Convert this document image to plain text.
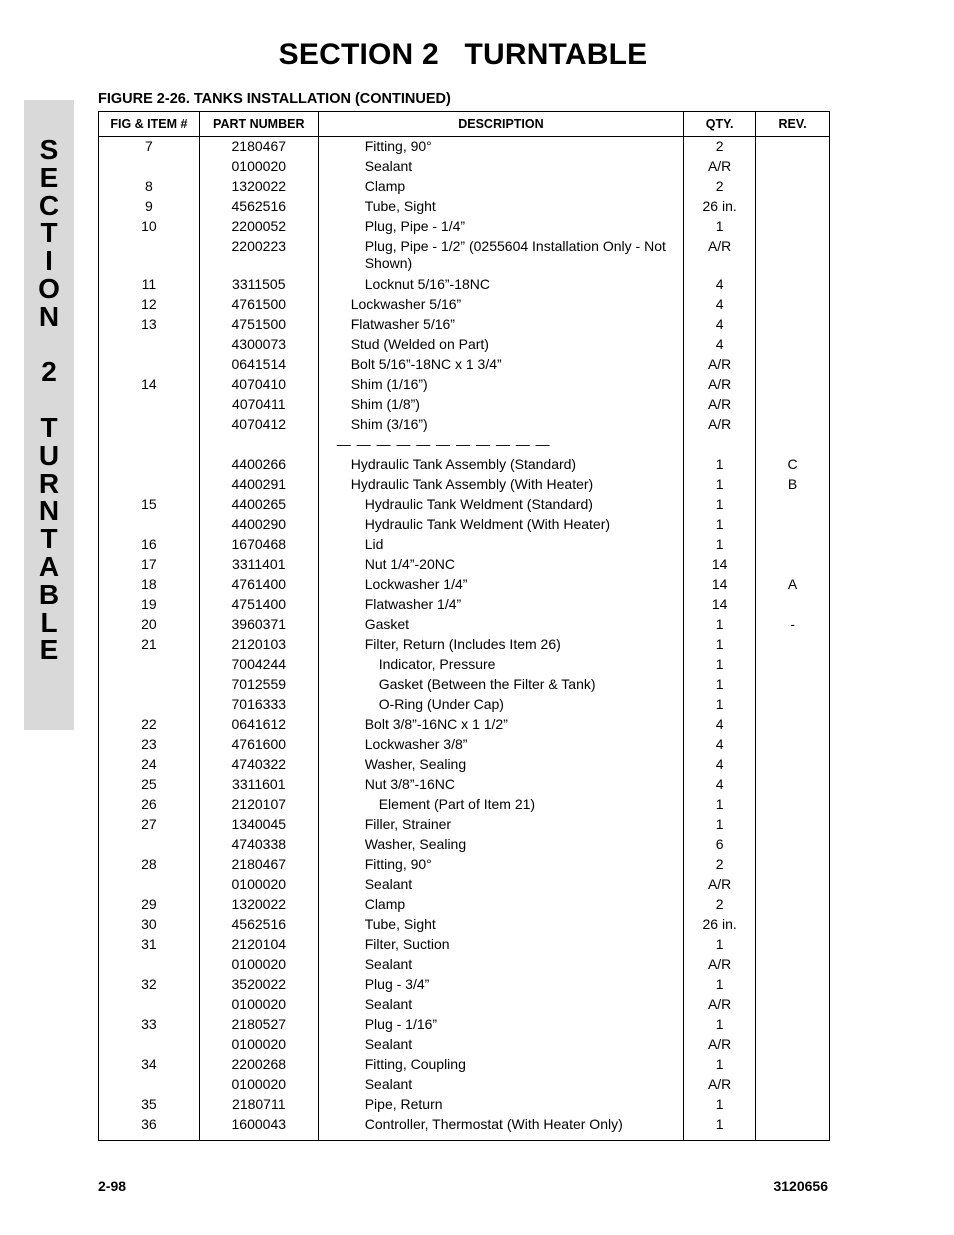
SECTION 2   TURNTABLE
S
E
C
T
I
O
N
2
T
U
R
N
T
A
B
L
E
FIGURE 2-26. TANKS INSTALLATION (CONTINUED)
FIG & ITEM #	PART NUMBER	DESCRIPTION	QTY.	REV.
7	2180467	Fitting, 90°	2	
	0100020	Sealant	A/R	
8	1320022	Clamp	2	
9	4562516	Tube, Sight	26 in.	
10	2200052	Plug, Pipe - 1/4”	1	
	2200223	Plug, Pipe - 1/2” (0255604 Installation Only - Not Shown)	A/R	
11	3311505	Locknut 5/16”-18NC	4	
12	4761500	Lockwasher 5/16”	4	
13	4751500	Flatwasher 5/16”	4	
	4300073	Stud (Welded on Part)	4	
	0641514	Bolt 5/16”-18NC x 1 3/4”	A/R	
14	4070410	Shim (1/16”)	A/R	
	4070411	Shim (1/8”)	A/R	
	4070412	Shim (3/16”)	A/R	

		— — — — — — — — — — —		

	4400266	Hydraulic Tank Assembly (Standard)	1	C
	4400291	Hydraulic Tank Assembly (With Heater)	1	B
15	4400265	Hydraulic Tank Weldment (Standard)	1	
	4400290	Hydraulic Tank Weldment (With Heater)	1	
16	1670468	Lid	1	
17	3311401	Nut 1/4”-20NC	14	
18	4761400	Lockwasher 1/4”	14	A
19	4751400	Flatwasher 1/4”	14	
20	3960371	Gasket	1	-
21	2120103	Filter, Return (Includes Item 26)	1	
	7004244	Indicator, Pressure	1	
	7012559	Gasket (Between the Filter & Tank)	1	
	7016333	O-Ring (Under Cap)	1	
22	0641612	Bolt 3/8”-16NC x 1 1/2”	4	
23	4761600	Lockwasher 3/8”	4	
24	4740322	Washer, Sealing	4	
25	3311601	Nut 3/8”-16NC	4	
26	2120107	Element (Part of Item 21)	1	
27	1340045	Filler, Strainer	1	
	4740338	Washer, Sealing	6	
28	2180467	Fitting, 90°	2	
	0100020	Sealant	A/R	
29	1320022	Clamp	2	
30	4562516	Tube, Sight	26 in.	
31	2120104	Filter, Suction	1	
	0100020	Sealant	A/R	
32	3520022	Plug - 3/4”	1	
	0100020	Sealant	A/R	
33	2180527	Plug - 1/16”	1	
	0100020	Sealant	A/R	
34	2200268	Fitting, Coupling	1	
	0100020	Sealant	A/R	
35	2180711	Pipe, Return	1	
36	1600043	Controller, Thermostat (With Heater Only)	1	
2-98	3120656
